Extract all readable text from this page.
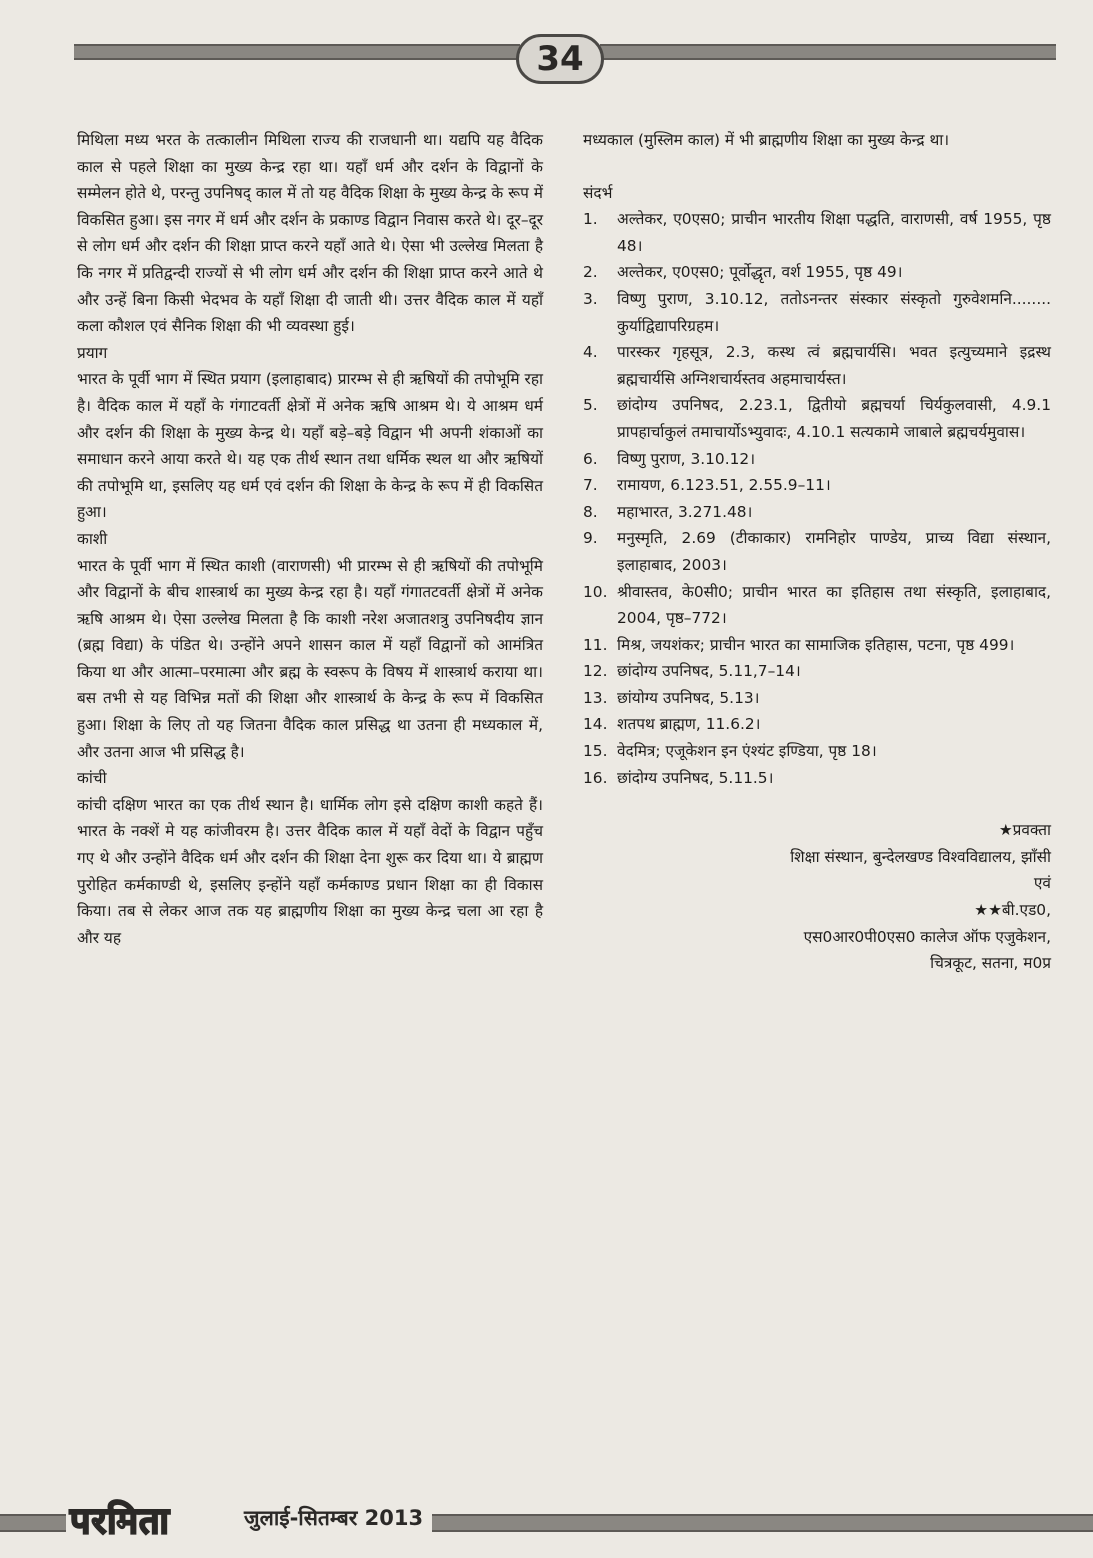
34

मिथिला मध्य भरत के तत्कालीन मिथिला राज्य की राजधानी था। यद्यपि यह वैदिक काल से पहले शिक्षा का मुख्य केन्द्र रहा था। यहाँ धर्म और दर्शन के विद्वानों के सम्मेलन होते थे, परन्तु उपनिषद् काल में तो यह वैदिक शिक्षा के मुख्य केन्द्र के रूप में विकसित हुआ। इस नगर में धर्म और दर्शन के प्रकाण्ड विद्वान निवास करते थे। दूर–दूर से लोग धर्म और दर्शन की शिक्षा प्राप्त करने यहाँ आते थे। ऐसा भी उल्लेख मिलता है कि नगर में प्रतिद्वन्दी राज्यों से भी लोग धर्म और दर्शन की शिक्षा प्राप्त करने आते थे और उन्हें बिना किसी भेदभव के यहाँ शिक्षा दी जाती थी। उत्तर वैदिक काल में यहाँ कला कौशल एवं सैनिक शिक्षा की भी व्यवस्था हुई।

प्रयाग

भारत के पूर्वी भाग में स्थित प्रयाग (इलाहाबाद) प्रारम्भ से ही ऋषियों की तपोभूमि रहा है। वैदिक काल में यहाँ के गंगाटवर्ती क्षेत्रों में अनेक ऋषि आश्रम थे। ये आश्रम धर्म और दर्शन की शिक्षा के मुख्य केन्द्र थे। यहाँ बड़े–बड़े विद्वान भी अपनी शंकाओं का समाधान करने आया करते थे। यह एक तीर्थ स्थान तथा धर्मिक स्थल था और ऋषियों की तपोभूमि था, इसलिए यह धर्म एवं दर्शन की शिक्षा के केन्द्र के रूप में ही विकसित हुआ।

काशी

भारत के पूर्वी भाग में स्थित काशी (वाराणसी) भी प्रारम्भ से ही ऋषियों की तपोभूमि और विद्वानों के बीच शास्त्रार्थ का मुख्य केन्द्र रहा है। यहाँ गंगातटवर्ती क्षेत्रों में अनेक ऋषि आश्रम थे। ऐसा उल्लेख मिलता है कि काशी नरेश अजातशत्रु उपनिषदीय ज्ञान (ब्रह्म विद्या) के पंडित थे। उन्होंने अपने शासन काल में यहाँ विद्वानों को आमंत्रित किया था और आत्मा–परमात्मा और ब्रह्म के स्वरूप के विषय में शास्त्रार्थ कराया था। बस तभी से यह विभिन्न मतों की शिक्षा और शास्त्रार्थ के केन्द्र के रूप में विकसित हुआ। शिक्षा के लिए तो यह जितना वैदिक काल प्रसिद्ध था उतना ही मध्यकाल में, और उतना आज भी प्रसिद्ध है।

कांची

कांची दक्षिण भारत का एक तीर्थ स्थान है। धार्मिक लोग इसे दक्षिण काशी कहते हैं। भारत के नक्शें मे यह कांजीवरम है। उत्तर वैदिक काल में यहाँ वेदों के विद्वान पहुँच गए थे और उन्होंने वैदिक धर्म और दर्शन की शिक्षा देना शुरू कर दिया था। ये ब्राह्मण पुरोहित कर्मकाण्डी थे, इसलिए इन्होंने यहाँ कर्मकाण्ड प्रधान शिक्षा का ही विकास किया। तब से लेकर आज तक यह ब्राह्मणीय शिक्षा का मुख्य केन्द्र चला आ रहा है और यह

मध्यकाल (मुस्लिम काल) में भी ब्राह्मणीय शिक्षा का मुख्य केन्द्र था।

संदर्भ

1.	अल्तेकर, ए0एस0; प्राचीन भारतीय शिक्षा पद्धति, वाराणसी, वर्ष 1955, पृष्ठ 48।
2.	अल्तेकर, ए0एस0; पूर्वोद्धृत, वर्श 1955, पृष्ठ 49।
3.	विष्णु पुराण, 3.10.12, ततोऽनन्तर संस्कार संस्कृतो गुरुवेशमनि........ कुर्याद्विद्यापरिग्रहम।
4.	पारस्कर गृहसूत्र, 2.3, कस्थ त्वं ब्रह्मचार्यसि। भवत इत्युच्यमाने इद्रस्थ ब्रह्मचार्यसि अग्निशचार्यस्तव अहमाचार्यस्त।
5.	छांदोग्य उपनिषद, 2.23.1, द्वितीयो ब्रह्मचर्या चिर्यकुलवासी, 4.9.1 प्रापहार्चाकुलं तमाचार्योऽभ्युवादः, 4.10.1 सत्यकामे जाबाले ब्रह्मचर्यमुवास।
6.	विष्णु पुराण, 3.10.12।
7.	रामायण, 6.123.51, 2.55.9–11।
8.	महाभारत, 3.271.48।
9.	मनुस्मृति, 2.69 (टीकाकार) रामनिहोर पाण्डेय, प्राच्य विद्या संस्थान, इलाहाबाद, 2003।
10. श्रीवास्तव, के0सी0; प्राचीन भारत का इतिहास तथा संस्कृति, इलाहाबाद, 2004, पृष्ठ–772।
11. मिश्र, जयशंकर; प्राचीन भारत का सामाजिक इतिहास, पटना, पृष्ठ 499।
12. छांदोग्य उपनिषद, 5.11,7–14।
13. छांयोग्य उपनिषद, 5.13।
14. शतपथ ब्राह्मण, 11.6.2।
15. वेदमित्र; एजूकेशन इन एंश्यंट इण्डिया, पृष्ठ 18।
16. छांदोग्य उपनिषद, 5.11.5।

★प्रवक्ता

शिक्षा संस्थान, बुन्देलखण्ड विश्वविद्यालय, झाँसी

एवं

★★बी.एड0,

एस0आर0पी0एस0 कालेज ऑफ एजुकेशन,

चित्रकूट, सतना, म0प्र

परमिता	जुलाई-सितम्बर 2013
